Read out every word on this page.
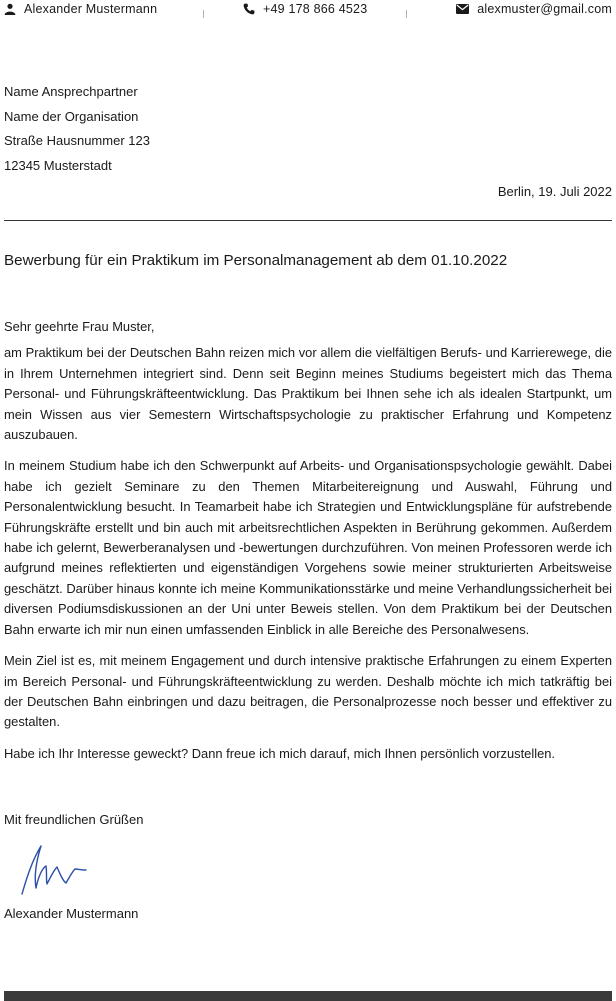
Alexander Mustermann	+49 178 866 4523	alexmuster@gmail.com
Name Ansprechpartner
Name der Organisation
Straße Hausnummer 123
12345 Musterstadt
Berlin, 19. Juli 2022
Bewerbung für ein Praktikum im Personalmanagement ab dem 01.10.2022

Sehr geehrte Frau Muster,

am Praktikum bei der Deutschen Bahn reizen mich vor allem die vielfältigen Berufs- und Karrierewege, die in Ihrem Unternehmen integriert sind. Denn seit Beginn meines Studiums begeistert mich das Thema Personal- und Führungskräfteentwicklung. Das Praktikum bei Ihnen sehe ich als idealen Startpunkt, um mein Wissen aus vier Semestern Wirtschaftspsychologie zu praktischer Erfahrung und Kompetenz auszubauen.

In meinem Studium habe ich den Schwerpunkt auf Arbeits- und Organisationspsychologie gewählt. Dabei habe ich gezielt Seminare zu den Themen Mitarbeitereignung und Auswahl, Führung und Personalentwicklung besucht. In Teamarbeit habe ich Strategien und Entwicklungspläne für aufstrebende Führungskräfte erstellt und bin auch mit arbeitsrechtlichen Aspekten in Berührung gekommen. Außerdem habe ich gelernt, Bewerberanalysen und -bewertungen durchzuführen. Von meinen Professoren werde ich aufgrund meines reflektierten und eigenständigen Vorgehens sowie meiner strukturierten Arbeitsweise geschätzt. Darüber hinaus konnte ich meine Kommunikationsstärke und meine Verhandlungssicherheit bei diversen Podiumsdiskussionen an der Uni unter Beweis stellen. Von dem Praktikum bei der Deutschen Bahn erwarte ich mir nun einen umfassenden Einblick in alle Bereiche des Personalwesens.

Mein Ziel ist es, mit meinem Engagement und durch intensive praktische Erfahrungen zu einem Experten im Bereich Personal- und Führungskräfteentwicklung zu werden. Deshalb möchte ich mich tatkräftig bei der Deutschen Bahn einbringen und dazu beitragen, die Personalprozesse noch besser und effektiver zu gestalten.

Habe ich Ihr Interesse geweckt? Dann freue ich mich darauf, mich Ihnen persönlich vorzustellen.

Mit freundlichen Grüßen
Alexander Mustermann
